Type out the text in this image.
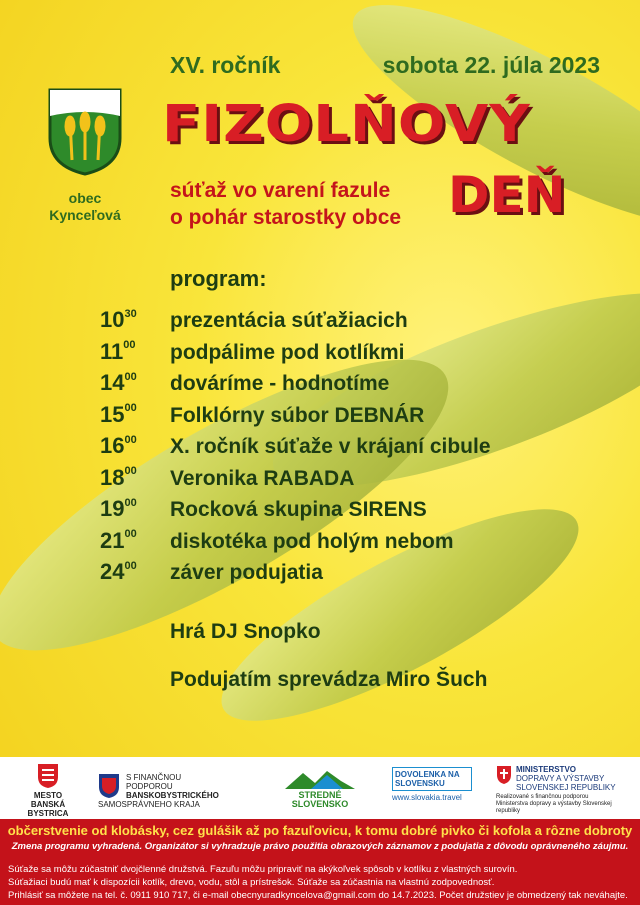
XV. ročník	sobota 22. júla 2023
obec
Kynceľová
FIZOLŇOVÝ
DEŇ
súťaž vo varení fazule
o pohár starostky obce
program:
$10^{30}$	prezentácia súťažiacich
$11^{00}$	podpálime pod kotlíkmi
$14^{00}$	dováríme - hodnotíme
$15^{00}$	Folklórny súbor DEBNÁR
$16^{00}$	X. ročník súťaže v krájaní cibule
$18^{00}$	Veronika RABADA
$19^{00}$	Rocková skupina SIRENS
$21^{00}$	diskotéka pod holým nebom
$24^{00}$	záver podujatia
Hrá DJ Snopko
Podujatím sprevádza Miro Šuch
MESTO
BANSKÁ BYSTRICA
S FINANČNOU PODPOROU
BANSKOBYSTRICKÉHO
SAMOSPRÁVNEHO KRAJA
STREDNÉ SLOVENSKO
DOVOLENKA NA
SLOVENSKU
www.slovakia.travel
MINISTERSTVO
DOPRAVY A VÝSTAVBY
SLOVENSKEJ REPUBLIKY
Realizované s finančnou podporou
Ministerstva dopravy a výstavby Slovenskej republiky
občerstvenie od klobásky, cez gulášik až po fazuľovicu, k tomu dobré pivko či kofola a rôzne dobroty
Zmena programu vyhradená. Organizátor si vyhradzuje právo použitia obrazových záznamov z podujatia z dôvodu oprávneného záujmu.
Súťaže sa môžu zúčastniť dvojčlenné družstvá. Fazuľu môžu pripraviť na akýkoľvek spôsob v kotlíku z vlastných surovín.
Súťažiaci budú mať k dispozícii kotlík, drevo, vodu, stôl a prístrešok. Súťaže sa zúčastnia na vlastnú zodpovednosť.
Prihlásiť sa môžete na tel. č. 0911 910 717, či e-mail obecnyuradkyncelova@gmail.com do 14.7.2023. Počet družstiev je obmedzený tak neváhajte.
